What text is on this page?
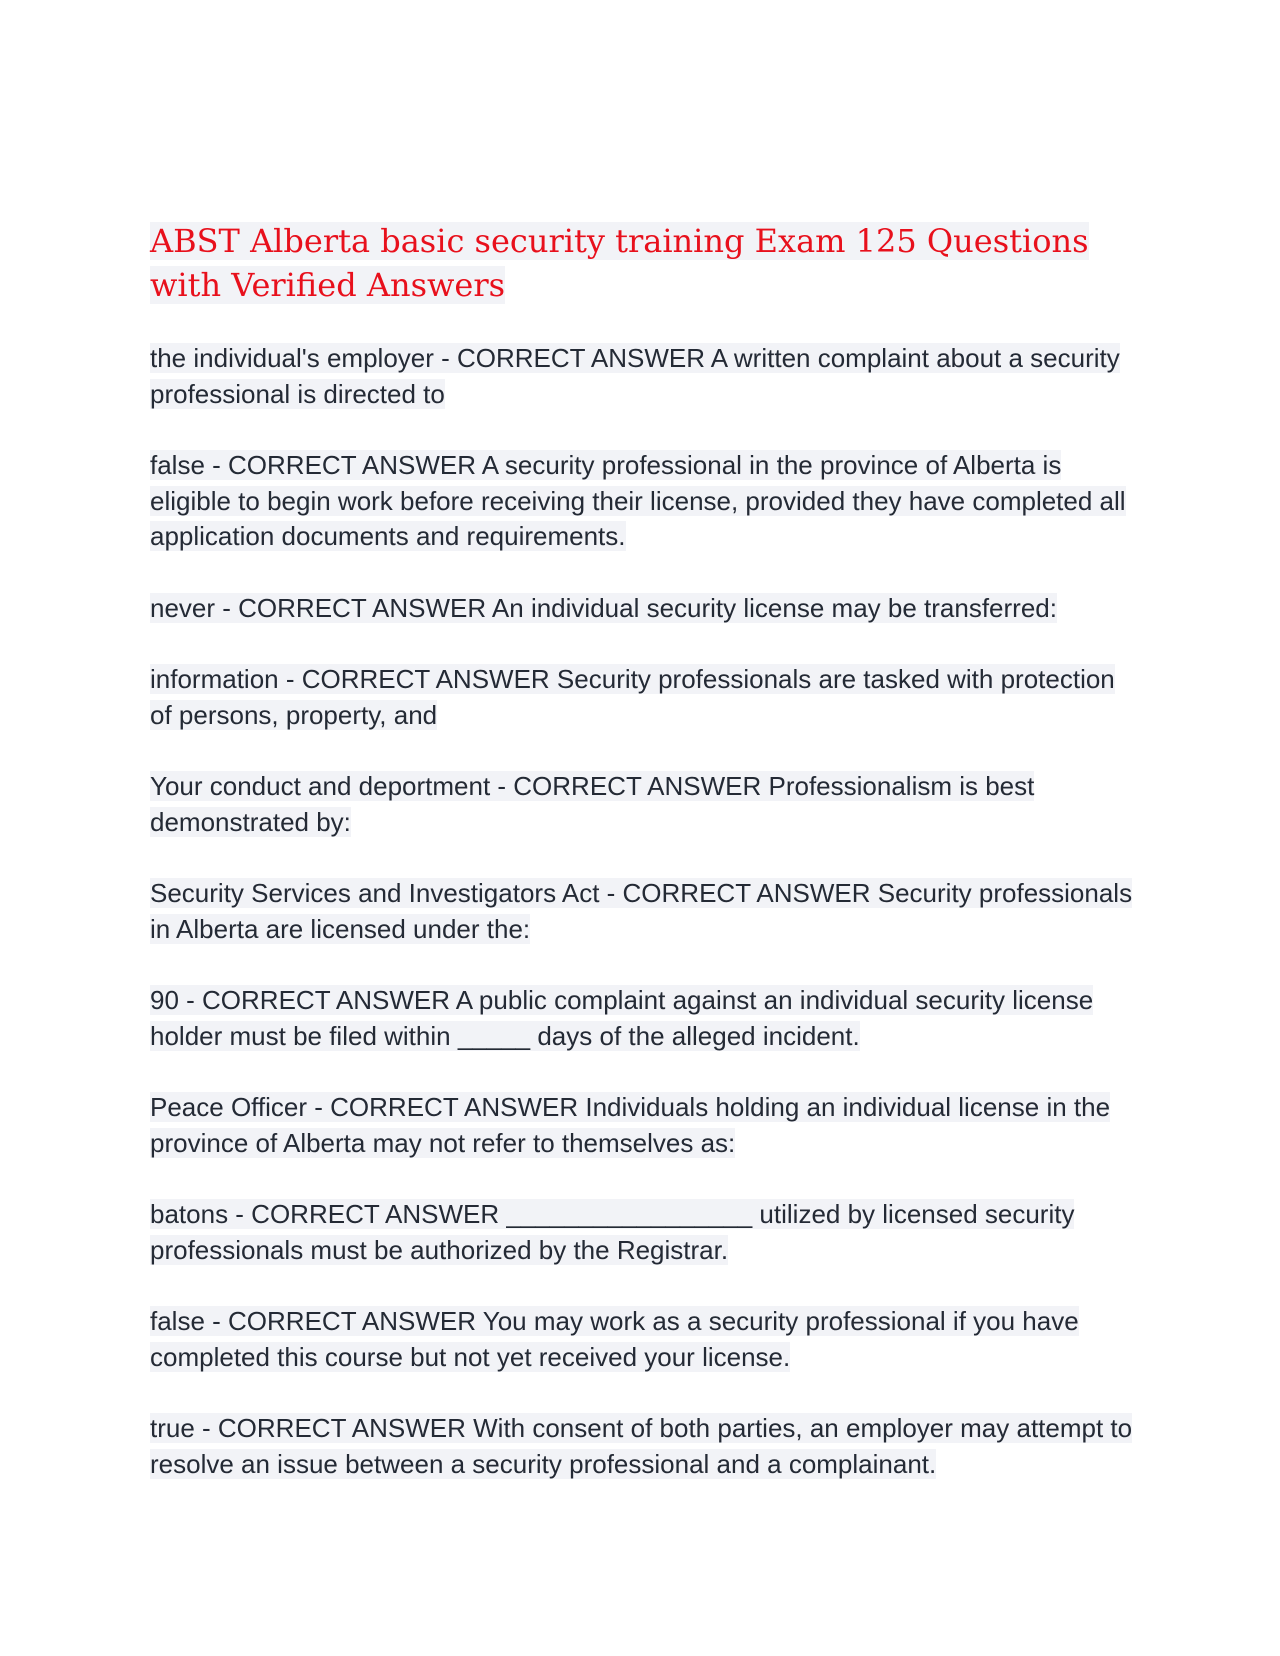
ABST Alberta basic security training Exam 125 Questions with Verified Answers

the individual's employer - CORRECT ANSWER A written complaint about a security professional is directed to

false - CORRECT ANSWER A security professional in the province of Alberta is eligible to begin work before receiving their license, provided they have completed all application documents and requirements.

never - CORRECT ANSWER An individual security license may be transferred:

information - CORRECT ANSWER Security professionals are tasked with protection of persons, property, and

Your conduct and deportment - CORRECT ANSWER Professionalism is best demonstrated by:

Security Services and Investigators Act - CORRECT ANSWER Security professionals in Alberta are licensed under the:

90 - CORRECT ANSWER A public complaint against an individual security license holder must be filed within _____ days of the alleged incident.

Peace Officer - CORRECT ANSWER Individuals holding an individual license in the province of Alberta may not refer to themselves as:

batons - CORRECT ANSWER _________________ utilized by licensed security professionals must be authorized by the Registrar.

false - CORRECT ANSWER You may work as a security professional if you have completed this course but not yet received your license.

true - CORRECT ANSWER With consent of both parties, an employer may attempt to resolve an issue between a security professional and a complainant.
